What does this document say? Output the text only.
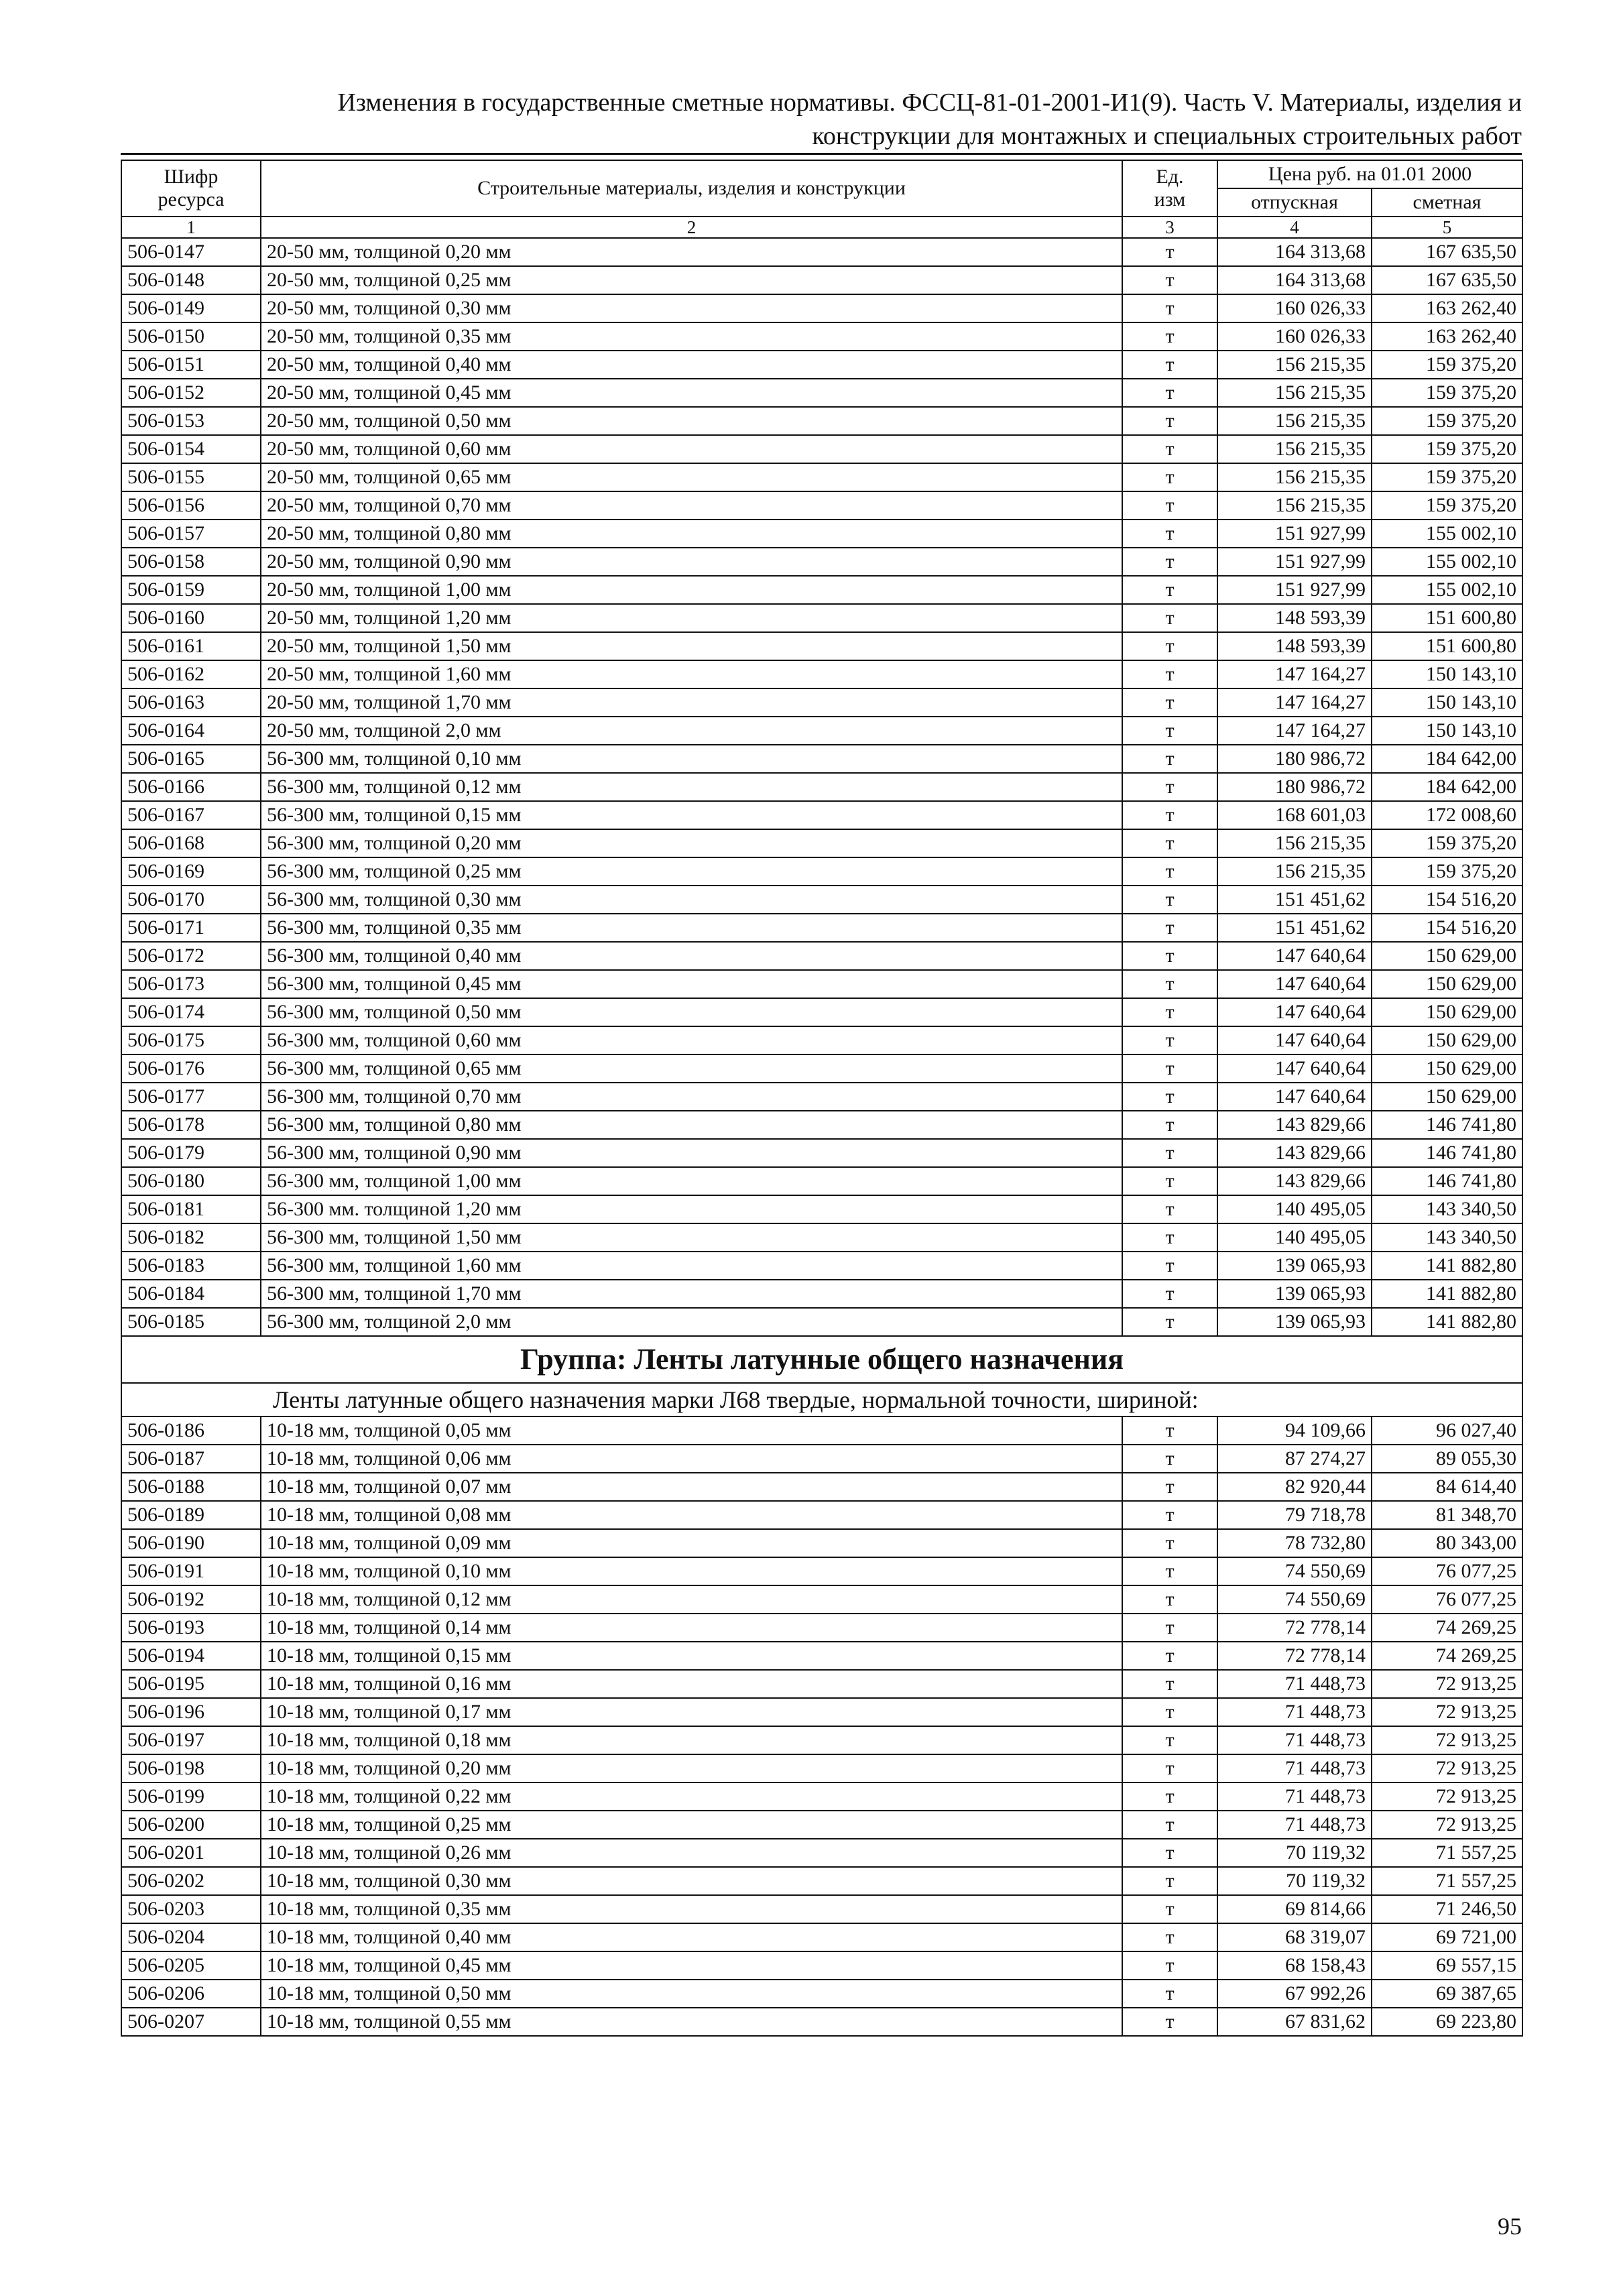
Изменения в государственные сметные нормативы. ФССЦ-81-01-2001-И1(9). Часть V. Материалы, изделия и
конструкции для монтажных и специальных строительных работ
Шифр ресурса	Строительные материалы, изделия и конструкции	Ед. изм	Цена руб. на 01.01 2000	
			отпускная	сметная
1	2	3	4	5
506-0147	20-50 мм, толщиной 0,20 мм	т	164 313,68	167 635,50
506-0148	20-50 мм, толщиной 0,25 мм	т	164 313,68	167 635,50
506-0149	20-50 мм, толщиной 0,30 мм	т	160 026,33	163 262,40
506-0150	20-50 мм, толщиной 0,35 мм	т	160 026,33	163 262,40
506-0151	20-50 мм, толщиной 0,40 мм	т	156 215,35	159 375,20
506-0152	20-50 мм, толщиной 0,45 мм	т	156 215,35	159 375,20
506-0153	20-50 мм, толщиной 0,50 мм	т	156 215,35	159 375,20
506-0154	20-50 мм, толщиной 0,60 мм	т	156 215,35	159 375,20
506-0155	20-50 мм, толщиной 0,65 мм	т	156 215,35	159 375,20
506-0156	20-50 мм, толщиной 0,70 мм	т	156 215,35	159 375,20
506-0157	20-50 мм, толщиной 0,80 мм	т	151 927,99	155 002,10
506-0158	20-50 мм, толщиной 0,90 мм	т	151 927,99	155 002,10
506-0159	20-50 мм, толщиной 1,00 мм	т	151 927,99	155 002,10
506-0160	20-50 мм, толщиной 1,20 мм	т	148 593,39	151 600,80
506-0161	20-50 мм, толщиной 1,50 мм	т	148 593,39	151 600,80
506-0162	20-50 мм, толщиной 1,60 мм	т	147 164,27	150 143,10
506-0163	20-50 мм, толщиной 1,70 мм	т	147 164,27	150 143,10
506-0164	20-50 мм, толщиной 2,0 мм	т	147 164,27	150 143,10
506-0165	56-300 мм, толщиной 0,10 мм	т	180 986,72	184 642,00
506-0166	56-300 мм, толщиной 0,12 мм	т	180 986,72	184 642,00
506-0167	56-300 мм, толщиной 0,15 мм	т	168 601,03	172 008,60
506-0168	56-300 мм, толщиной 0,20 мм	т	156 215,35	159 375,20
506-0169	56-300 мм, толщиной 0,25 мм	т	156 215,35	159 375,20
506-0170	56-300 мм, толщиной 0,30 мм	т	151 451,62	154 516,20
506-0171	56-300 мм, толщиной 0,35 мм	т	151 451,62	154 516,20
506-0172	56-300 мм, толщиной 0,40 мм	т	147 640,64	150 629,00
506-0173	56-300 мм, толщиной 0,45 мм	т	147 640,64	150 629,00
506-0174	56-300 мм, толщиной 0,50 мм	т	147 640,64	150 629,00
506-0175	56-300 мм, толщиной 0,60 мм	т	147 640,64	150 629,00
506-0176	56-300 мм, толщиной 0,65 мм	т	147 640,64	150 629,00
506-0177	56-300 мм, толщиной 0,70 мм	т	147 640,64	150 629,00
506-0178	56-300 мм, толщиной 0,80 мм	т	143 829,66	146 741,80
506-0179	56-300 мм, толщиной 0,90 мм	т	143 829,66	146 741,80
506-0180	56-300 мм, толщиной 1,00 мм	т	143 829,66	146 741,80
506-0181	56-300 мм. толщиной 1,20 мм	т	140 495,05	143 340,50
506-0182	56-300 мм, толщиной 1,50 мм	т	140 495,05	143 340,50
506-0183	56-300 мм, толщиной 1,60 мм	т	139 065,93	141 882,80
506-0184	56-300 мм, толщиной 1,70 мм	т	139 065,93	141 882,80
506-0185	56-300 мм, толщиной 2,0 мм	т	139 065,93	141 882,80
Группа: Ленты латунные общего назначения				
Ленты латунные общего назначения марки Л68 твердые, нормальной точности, шириной:				
506-0186	10-18 мм, толщиной 0,05 мм	т	94 109,66	96 027,40
506-0187	10-18 мм, толщиной 0,06 мм	т	87 274,27	89 055,30
506-0188	10-18 мм, толщиной 0,07 мм	т	82 920,44	84 614,40
506-0189	10-18 мм, толщиной 0,08 мм	т	79 718,78	81 348,70
506-0190	10-18 мм, толщиной 0,09 мм	т	78 732,80	80 343,00
506-0191	10-18 мм, толщиной 0,10 мм	т	74 550,69	76 077,25
506-0192	10-18 мм, толщиной 0,12 мм	т	74 550,69	76 077,25
506-0193	10-18 мм, толщиной 0,14 мм	т	72 778,14	74 269,25
506-0194	10-18 мм, толщиной 0,15 мм	т	72 778,14	74 269,25
506-0195	10-18 мм, толщиной 0,16 мм	т	71 448,73	72 913,25
506-0196	10-18 мм, толщиной 0,17 мм	т	71 448,73	72 913,25
506-0197	10-18 мм, толщиной 0,18 мм	т	71 448,73	72 913,25
506-0198	10-18 мм, толщиной 0,20 мм	т	71 448,73	72 913,25
506-0199	10-18 мм, толщиной 0,22 мм	т	71 448,73	72 913,25
506-0200	10-18 мм, толщиной 0,25 мм	т	71 448,73	72 913,25
506-0201	10-18 мм, толщиной 0,26 мм	т	70 119,32	71 557,25
506-0202	10-18 мм, толщиной 0,30 мм	т	70 119,32	71 557,25
506-0203	10-18 мм, толщиной 0,35 мм	т	69 814,66	71 246,50
506-0204	10-18 мм, толщиной 0,40 мм	т	68 319,07	69 721,00
506-0205	10-18 мм, толщиной 0,45 мм	т	68 158,43	69 557,15
506-0206	10-18 мм, толщиной 0,50 мм	т	67 992,26	69 387,65
506-0207	10-18 мм, толщиной 0,55 мм	т	67 831,62	69 223,80
95
